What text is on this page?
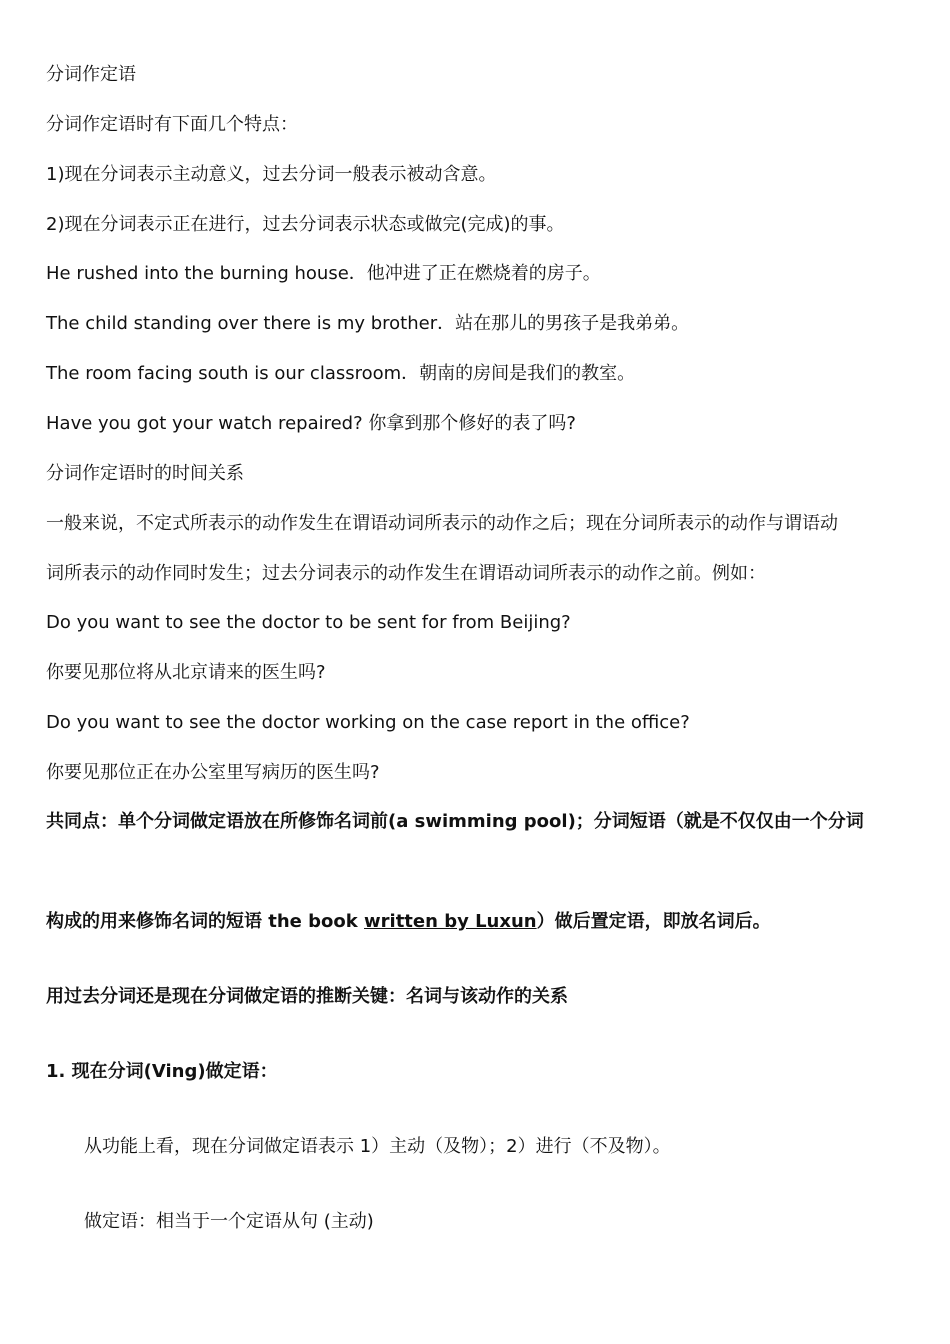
分词作定语
分词作定语时有下面几个特点：
1)现在分词表示主动意义，过去分词一般表示被动含意。
2)现在分词表示正在进行，过去分词表示状态或做完(完成)的事。
He rushed into the burning house．他冲进了正在燃烧着的房子。
The child standing over there is my brother．站在那儿的男孩子是我弟弟。
The room facing south is our classroom．朝南的房间是我们的教室。
Have you got your watch repaired? 你拿到那个修好的表了吗?
分词作定语时的时间关系
一般来说，不定式所表示的动作发生在谓语动词所表示的动作之后；现在分词所表示的动作与谓语动
词所表示的动作同时发生；过去分词表示的动作发生在谓语动词所表示的动作之前。例如：
Do you want to see the doctor to be sent for from Beijing?
你要见那位将从北京请来的医生吗?
Do you want to see the doctor working on the case report in the office?
你要见那位正在办公室里写病历的医生吗?
共同点：单个分词做定语放在所修饰名词前(a swimming pool)；分词短语（就是不仅仅由一个分词
构成的用来修饰名词的短语 the book written by Luxun）做后置定语，即放名词后。
用过去分词还是现在分词做定语的推断关键：名词与该动作的关系
1. 现在分词(Ving)做定语：
从功能上看，现在分词做定语表示 1）主动（及物）；2）进行（不及物）。
做定语：相当于一个定语从句 (主动)
